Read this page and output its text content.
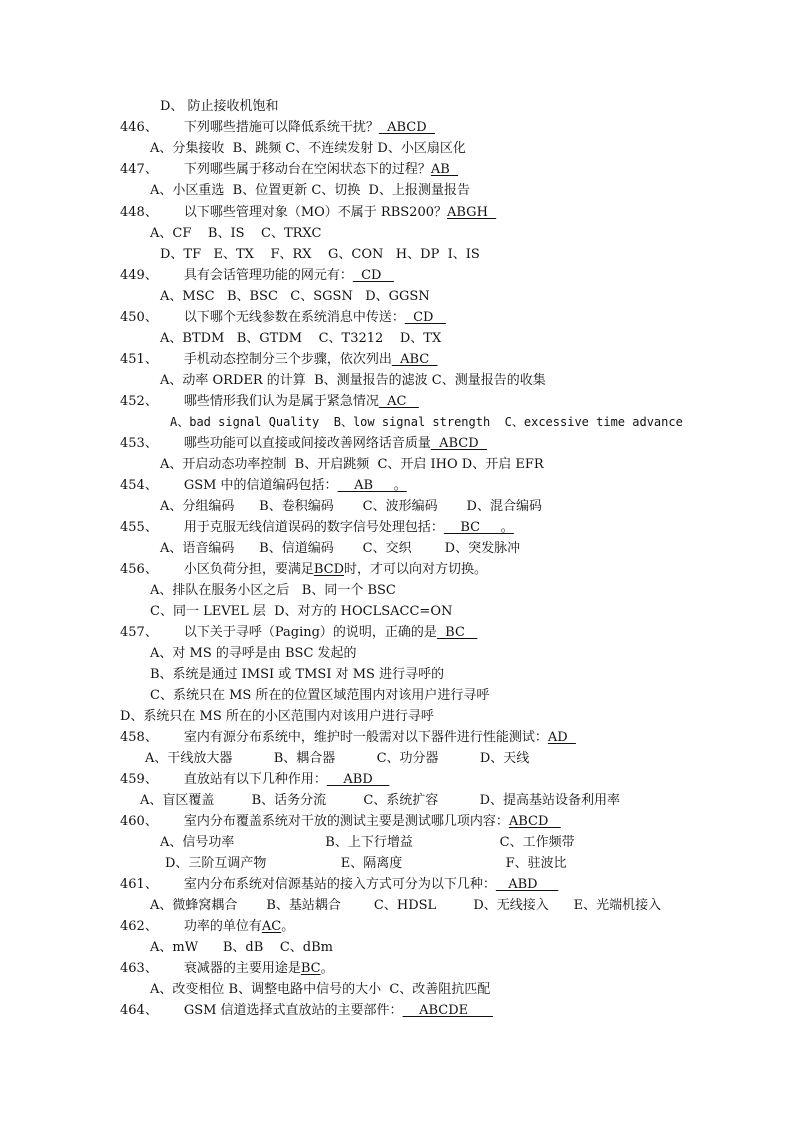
D、 防止接收机饱和
446、 下列哪些措施可以降低系统干扰？  ABCD
A、分集接收  B、跳频 C、不连续发射 D、小区扇区化
447、 下列哪些属于移动台在空闲状态下的过程？AB
A、小区重选  B、位置更新 C、切换  D、上报测量报告
448、 以下哪些管理对象（MO）不属于 RBS200？ABGH
A、CF    B、IS    C、TRXC
D、TF   E、TX    F、RX    G、CON   H、DP  I、IS
449、 具有会话管理功能的网元有：  CD
A、MSC   B、BSC   C、SGSN   D、GGSN
450、 以下哪个无线参数在系统消息中传送：  CD
A、BTDM   B、GTDM    C、T3212    D、TX
451、 手机动态控制分三个步骤，依次列出  ABC
A、动率 ORDER 的计算  B、测量报告的滤波 C、测量报告的收集
452、 哪些情形我们认为是属于紧急情况  AC
A、bad signal Quality  B、low signal strength  C、excessive time advance
453、 哪些功能可以直接或间接改善网络话音质量  ABCD
A、开启动态功率控制  B、开启跳频  C、开启 IHO D、开启 EFR
454、 GSM 中的信道编码包括：    AB     。
A、分组编码      B、卷积编码       C、波形编码       D、混合编码
455、 用于克服无线信道误码的数字信号处理包括：    BC     。
A、语音编码      B、信道编码       C、交织        D、突发脉冲
456、 小区负荷分担，要满足BCD时，才可以向对方切换。
A、排队在服务小区之后   B、同一个 BSC
C、同一 LEVEL 层  D、对方的 HOCLSACC=ON
457、 以下关于寻呼（Paging）的说明，正确的是  BC
A、对 MS 的寻呼是由 BSC 发起的
B、系统是通过 IMSI 或 TMSI 对 MS 进行寻呼的
C、系统只在 MS 所在的位置区域范围内对该用户进行寻呼
D、系统只在 MS 所在的小区范围内对该用户进行寻呼
458、 室内有源分布系统中，维护时一般需对以下器件进行性能测试：AD
A、干线放大器          B、耦合器          C、功分器          D、天线
459、 直放站有以下几种作用：    ABD
A、盲区覆盖         B、话务分流         C、系统扩容          D、提高基站设备利用率
460、 室内分布覆盖系统对干放的测试主要是测试哪几项内容：ABCD
A、信号功率                      B、上下行增益                     C、工作频带
D、三阶互调产物                  E、隔离度                         F、驻波比
461、 室内分布系统对信源基站的接入方式可分为以下几种：   ABD
A、微蜂窝耦合       B、基站耦合        C、HDSL         D、无线接入      E、光端机接入
462、 功率的单位有AC。
A、mW      B、dB    C、dBm
463、 衰减器的主要用途是BC。
A、改变相位 B、调整电路中信号的大小  C、改善阻抗匹配
464、 GSM 信道选择式直放站的主要部件：    ABCDE
